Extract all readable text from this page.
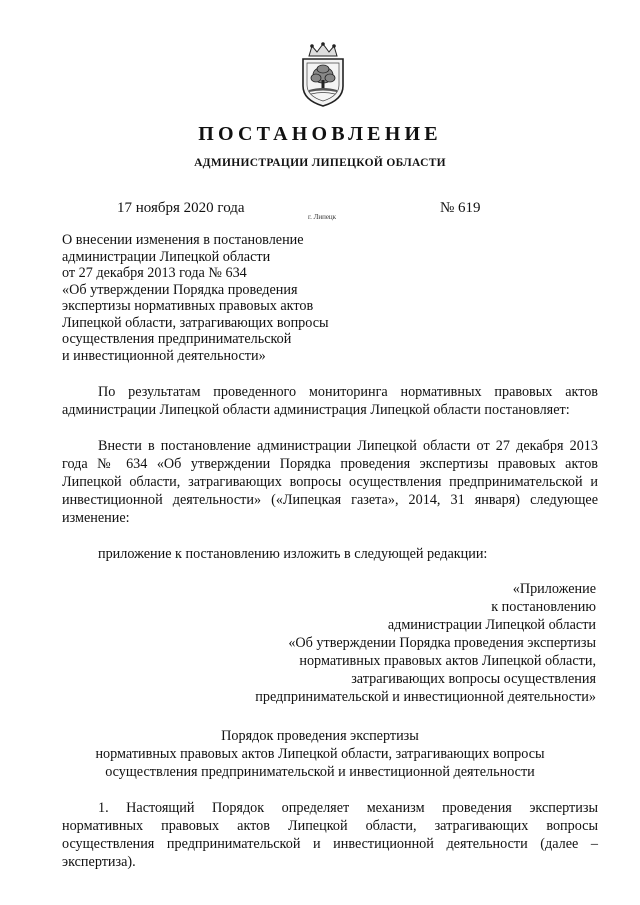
ПОСТАНОВЛЕНИЕ
АДМИНИСТРАЦИИ ЛИПЕЦКОЙ ОБЛАСТИ
17 ноября 2020 года
г. Липецк
№ 619
О внесении изменения в постановление
администрации Липецкой области
от 27 декабря 2013 года № 634
«Об утверждении Порядка проведения
экспертизы нормативных правовых актов
Липецкой области, затрагивающих вопросы
осуществления предпринимательской
и инвестиционной деятельности»
По результатам проведенного мониторинга нормативных правовых актов администрации Липецкой области администрация Липецкой области постановляет:
Внести в постановление администрации Липецкой области от 27 декабря 2013 года № 634 «Об утверждении Порядка проведения экспертизы правовых актов Липецкой области, затрагивающих вопросы осуществления предпринимательской и инвестиционной деятельности» («Липецкая газета», 2014, 31 января) следующее изменение:
приложение к постановлению изложить в следующей редакции:
«Приложение
к постановлению
администрации Липецкой области
«Об утверждении Порядка проведения экспертизы
нормативных правовых актов Липецкой области,
затрагивающих вопросы осуществления
предпринимательской и инвестиционной деятельности»
Порядок проведения экспертизы
нормативных правовых актов Липецкой области, затрагивающих вопросы
осуществления предпринимательской и инвестиционной деятельности
1. Настоящий Порядок определяет механизм проведения экспертизы нормативных правовых актов Липецкой области, затрагивающих вопросы осуществления предпринимательской и инвестиционной деятельности (далее – экспертиза).
